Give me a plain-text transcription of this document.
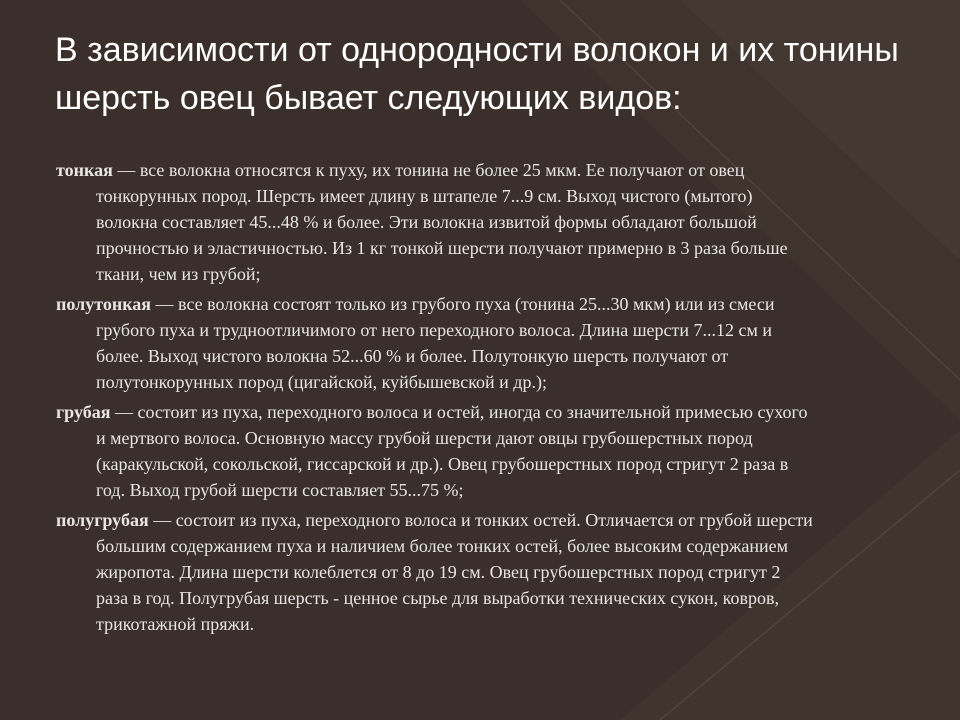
В зависимости от однородности волокон и их тонины шерсть овец бывает следующих видов:
тонкая — все волокна относятся к пуху, их тонина не более 25 мкм. Ее получают от овец тонкорунных пород. Шерсть имеет длину в штапеле 7...9 см. Выход чистого (мытого) волокна составляет 45...48 % и более. Эти волокна извитой формы обладают большой прочностью и эластичностью. Из 1 кг тонкой шерсти получают примерно в 3 раза больше ткани, чем из грубой;
полутонкая — все волокна состоят только из грубого пуха (тонина 25...30 мкм) или из смеси грубого пуха и трудноотличимого от него переходного волоса. Длина шерсти 7...12 см и более. Выход чистого волокна 52...60 % и более. Полутонкую шерсть получают от полутонкорунных пород (цигайской, куйбышевской и др.);
грубая — состоит из пуха, переходного волоса и остей, иногда со значительной примесью сухого и мертвого волоса. Основную массу грубой шерсти дают овцы грубошерстных пород (каракульской, сокольской, гиссарской и др.). Овец грубошерстных пород стригут 2 раза в год. Выход грубой шерсти составляет 55...75 %;
полугрубая — состоит из пуха, переходного волоса и тонких остей. Отличается от грубой шерсти большим содержанием пуха и наличием более тонких остей, более высоким содержанием жиропота. Длина шерсти колеблется от 8 до 19 см. Овец грубошерстных пород стригут 2 раза в год. Полугрубая шерсть - ценное сырье для выработки технических сукон, ковров, трикотажной пряжи.
